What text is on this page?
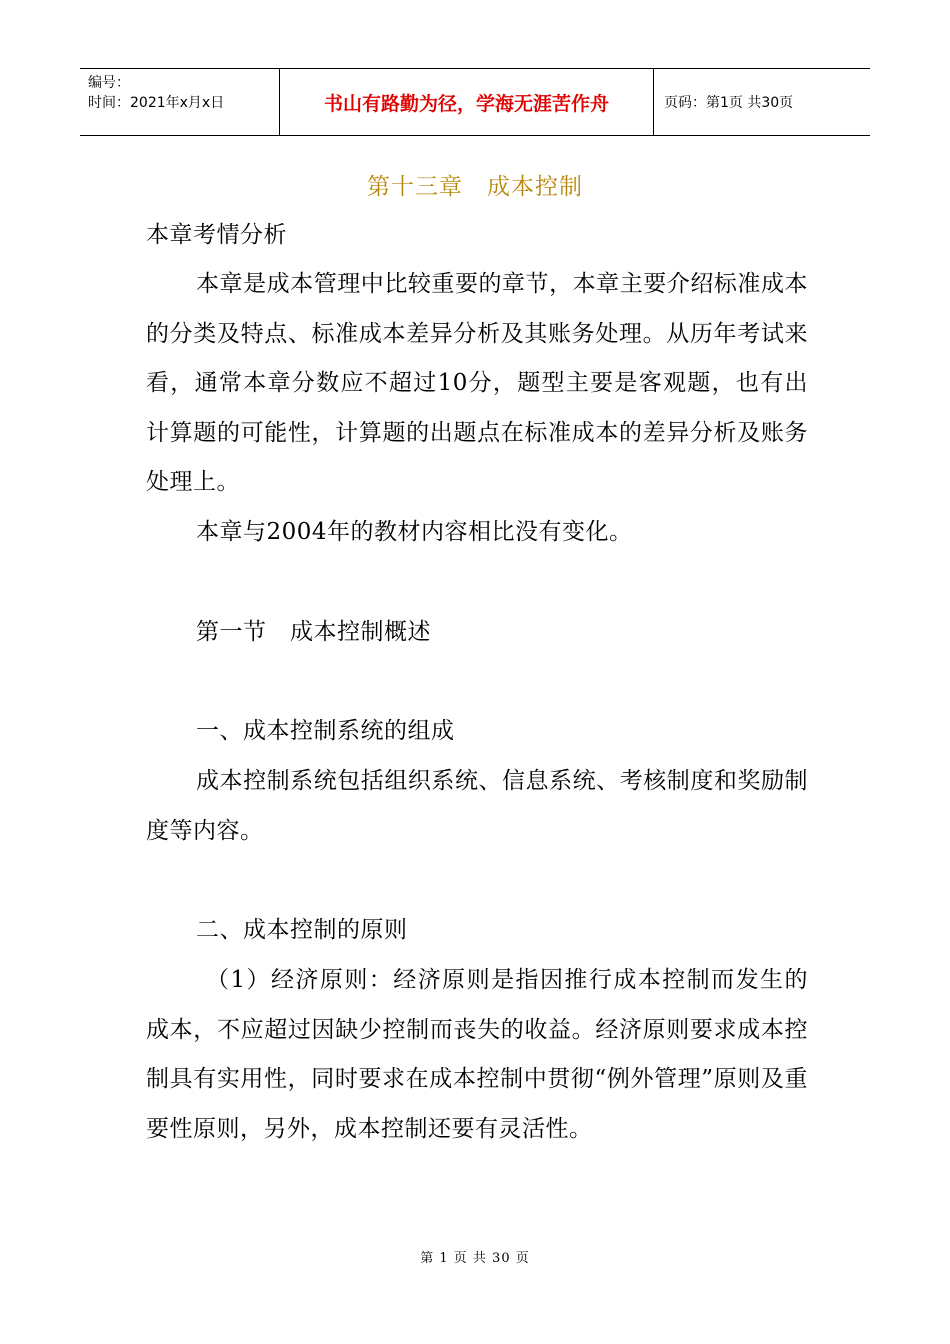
编号：
时间：2021年x月x日	书山有路勤为径，学海无涯苦作舟	页码：第1页 共30页
第十三章　成本控制

本章考情分析

本章是成本管理中比较重要的章节，本章主要介绍标准成本的分类及特点、标准成本差异分析及其账务处理。从历年考试来看，通常本章分数应不超过10分，题型主要是客观题，也有出计算题的可能性，计算题的出题点在标准成本的差异分析及账务处理上。

本章与2004年的教材内容相比没有变化。

第一节　成本控制概述

一、成本控制系统的组成

成本控制系统包括组织系统、信息系统、考核制度和奖励制度等内容。

二、成本控制的原则

（1）经济原则：经济原则是指因推行成本控制而发生的成本，不应超过因缺少控制而丧失的收益。经济原则要求成本控制具有实用性，同时要求在成本控制中贯彻“例外管理”原则及重要性原则，另外，成本控制还要有灵活性。

第 1 页 共 30 页
